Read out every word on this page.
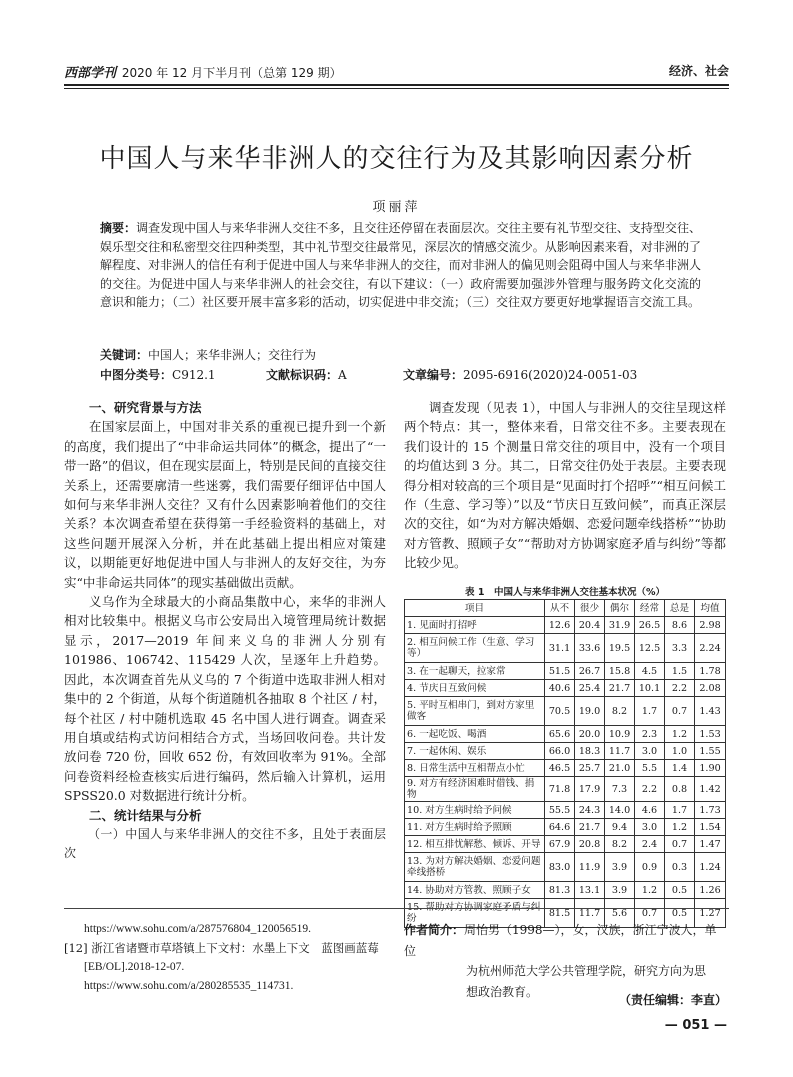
西部学刊 2020 年 12 月下半月刊（总第 129 期）	经济、社会
中国人与来华非洲人的交往行为及其影响因素分析
项丽萍
摘要：调查发现中国人与来华非洲人交往不多，且交往还停留在表面层次。交往主要有礼节型交往、支持型交往、娱乐型交往和私密型交往四种类型，其中礼节型交往最常见，深层次的情感交流少。从影响因素来看，对非洲的了解程度、对非洲人的信任有利于促进中国人与来华非洲人的交往，而对非洲人的偏见则会阻碍中国人与来华非洲人的交往。为促进中国人与来华非洲人的社会交往，有以下建议：（一）政府需要加强涉外管理与服务跨文化交流的意识和能力；（二）社区要开展丰富多彩的活动，切实促进中非交流；（三）交往双方要更好地掌握语言交流工具。
关键词：中国人；来华非洲人；交往行为
中图分类号：C912.1	文献标识码：A	文章编号：2095-6916(2020)24-0051-03
一、研究背景与方法

在国家层面上，中国对非关系的重视已提升到一个新的高度，我们提出了“中非命运共同体”的概念，提出了“一带一路”的倡议，但在现实层面上，特别是民间的直接交往关系上，还需要廓清一些迷雾，我们需要仔细评估中国人如何与来华非洲人交往？又有什么因素影响着他们的交往关系？本次调查希望在获得第一手经验资料的基础上，对这些问题开展深入分析，并在此基础上提出相应对策建议，以期能更好地促进中国人与非洲人的友好交往，为夯实“中非命运共同体”的现实基础做出贡献。

义乌作为全球最大的小商品集散中心，来华的非洲人相对比较集中。根据义乌市公安局出入境管理局统计数据显示，2017—2019 年间来义乌的非洲人分别有101986、106742、115429 人次，呈逐年上升趋势。因此，本次调查首先从义乌的 7 个街道中选取非洲人相对集中的 2 个街道，从每个街道随机各抽取 8 个社区 / 村，每个社区 / 村中随机选取 45 名中国人进行调查。调查采用自填或结构式访问相结合方式，当场回收问卷。共计发放问卷 720 份，回收 652 份，有效回收率为 91%。全部问卷资料经检查核实后进行编码，然后输入计算机，运用SPSS20.0 对数据进行统计分析。

二、统计结果与分析

（一）中国人与来华非洲人的交往不多，且处于表面层次

调查发现（见表 1），中国人与非洲人的交往呈现这样两个特点：其一，整体来看，日常交往不多。主要表现在我们设计的 15 个测量日常交往的项目中，没有一个项目的均值达到 3 分。其二，日常交往仍处于表层。主要表现得分相对较高的三个项目是“见面时打个招呼”“相互问候工作（生意、学习等）”以及“节庆日互致问候”，而真正深层次的交往，如“为对方解决婚姻、恋爱问题牵线搭桥”“协助对方管教、照顾子女”“帮助对方协调家庭矛盾与纠纷”等都比较少见。

表 1　中国人与来华非洲人交往基本状况（%）
项目	从不	很少	偶尔	经常	总是	均值
1. 见面时打招呼	12.6	20.4	31.9	26.5	8.6	2.98
2. 相互问候工作（生意、学习等）	31.1	33.6	19.5	12.5	3.3	2.24
3. 在一起聊天，拉家常	51.5	26.7	15.8	4.5	1.5	1.78
4. 节庆日互致问候	40.6	25.4	21.7	10.1	2.2	2.08
5. 平时互相串门，到对方家里做客	70.5	19.0	8.2	1.7	0.7	1.43
6. 一起吃饭、喝酒	65.6	20.0	10.9	2.3	1.2	1.53
7. 一起休闲、娱乐	66.0	18.3	11.7	3.0	1.0	1.55
8. 日常生活中互相帮点小忙	46.5	25.7	21.0	5.5	1.4	1.90
9. 对方有经济困难时借钱、捐物	71.8	17.9	7.3	2.2	0.8	1.42
10. 对方生病时给予问候	55.5	24.3	14.0	4.6	1.7	1.73
11. 对方生病时给予照顾	64.6	21.7	9.4	3.0	1.2	1.54
12. 相互排忧解愁、倾诉、开导	67.9	20.8	8.2	2.4	0.7	1.47
13. 为对方解决婚姻、恋爱问题牵线搭桥	83.0	11.9	3.9	0.9	0.3	1.24
14. 协助对方管教、照顾子女	81.3	13.1	3.9	1.2	0.5	1.26
15. 帮助对方协调家庭矛盾与纠纷	81.5	11.7	5.6	0.7	0.5	1.27
https://www.sohu.com/a/287576804_120056519.
[12] 浙江省诸暨市草塔镇上下文村：水墨上下文　蓝图画蓝莓
[EB/OL].2018-12-07.
https://www.sohu.com/a/280285535_114731.
作者简介：周怡男（1998—），女，汉族，浙江宁波人，单位
为杭州师范大学公共管理学院，研究方向为思
想政治教育。
（责任编辑：李直）
— 051 —
